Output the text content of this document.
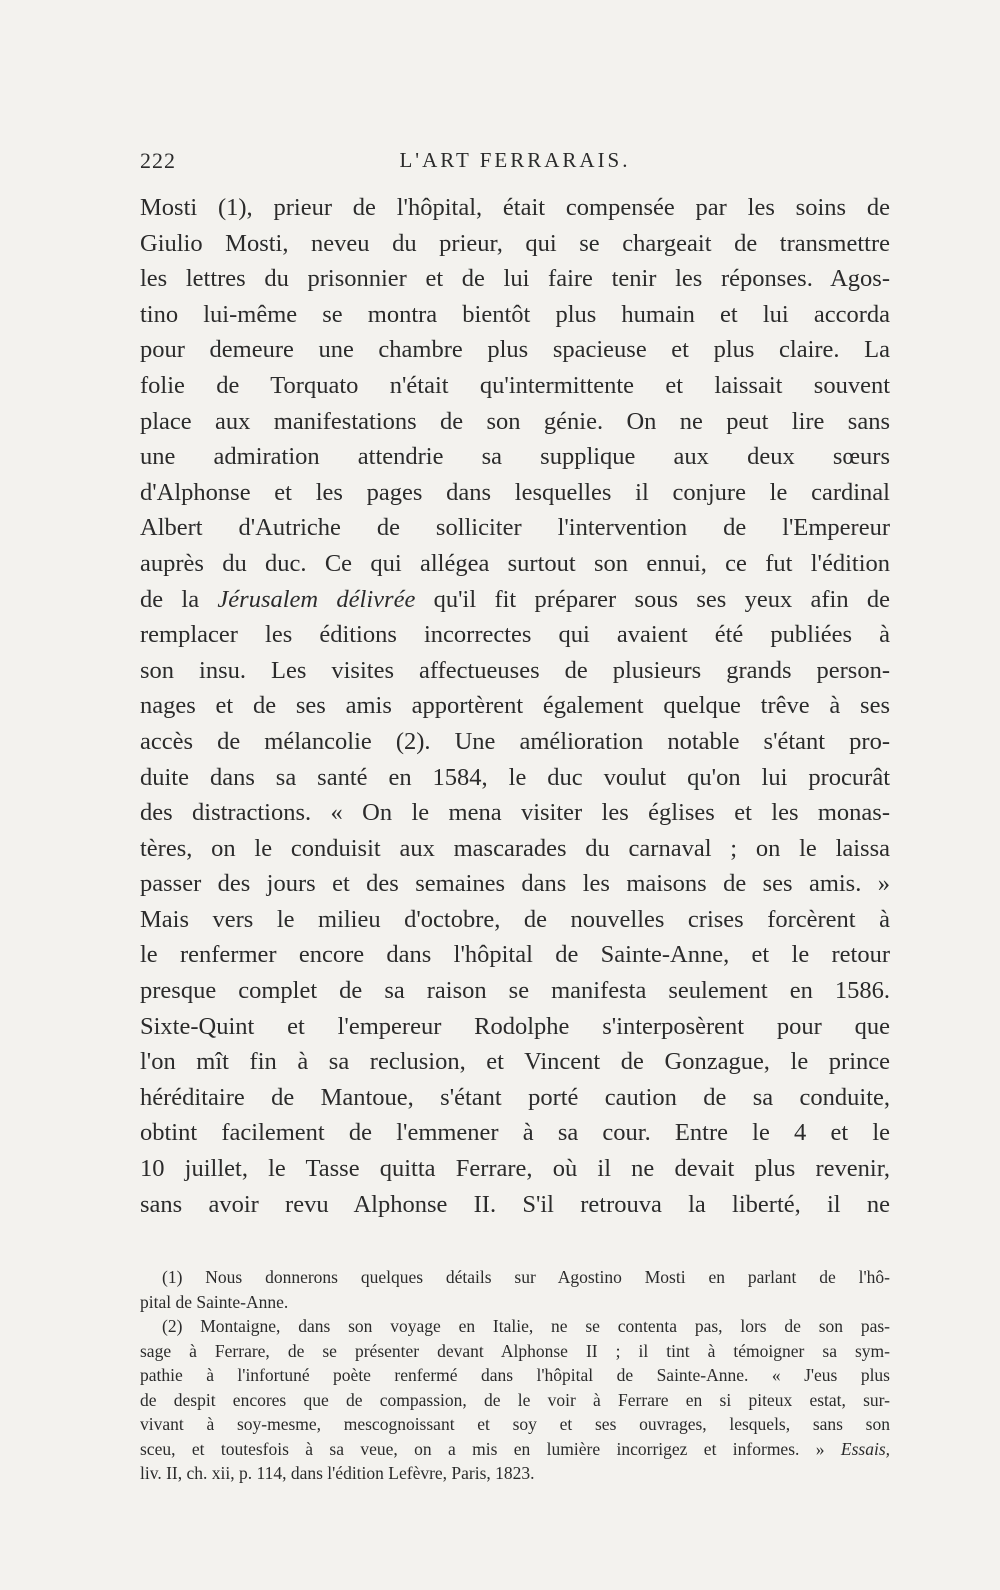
222	L'ART FERRARAIS.
Mosti (1), prieur de l'hôpital, était compensée par les soins de
Giulio Mosti, neveu du prieur, qui se chargeait de transmettre
les lettres du prisonnier et de lui faire tenir les réponses. Agos-
tino lui-même se montra bientôt plus humain et lui accorda
pour demeure une chambre plus spacieuse et plus claire. La
folie de Torquato n'était qu'intermittente et laissait souvent
place aux manifestations de son génie. On ne peut lire sans
une admiration attendrie sa supplique aux deux sœurs
d'Alphonse et les pages dans lesquelles il conjure le cardinal
Albert d'Autriche de solliciter l'intervention de l'Empereur
auprès du duc. Ce qui allégea surtout son ennui, ce fut l'édition
de la Jérusalem délivrée qu'il fit préparer sous ses yeux afin de
remplacer les éditions incorrectes qui avaient été publiées à
son insu. Les visites affectueuses de plusieurs grands person-
nages et de ses amis apportèrent également quelque trêve à ses
accès de mélancolie (2). Une amélioration notable s'étant pro-
duite dans sa santé en 1584, le duc voulut qu'on lui procurât
des distractions. « On le mena visiter les églises et les monas-
tères, on le conduisit aux mascarades du carnaval ; on le laissa
passer des jours et des semaines dans les maisons de ses amis. »
Mais vers le milieu d'octobre, de nouvelles crises forcèrent à
le renfermer encore dans l'hôpital de Sainte-Anne, et le retour
presque complet de sa raison se manifesta seulement en 1586.
Sixte-Quint et l'empereur Rodolphe s'interposèrent pour que
l'on mît fin à sa reclusion, et Vincent de Gonzague, le prince
héréditaire de Mantoue, s'étant porté caution de sa conduite,
obtint facilement de l'emmener à sa cour. Entre le 4 et le
10 juillet, le Tasse quitta Ferrare, où il ne devait plus revenir,
sans avoir revu Alphonse II. S'il retrouva la liberté, il ne
(1) Nous donnerons quelques détails sur Agostino Mosti en parlant de l'hô-
pital de Sainte-Anne.
(2) Montaigne, dans son voyage en Italie, ne se contenta pas, lors de son pas-
sage à Ferrare, de se présenter devant Alphonse II ; il tint à témoigner sa sym-
pathie à l'infortuné poète renfermé dans l'hôpital de Sainte-Anne. « J'eus plus
de despit encores que de compassion, de le voir à Ferrare en si piteux estat, sur-
vivant à soy-mesme, mescognoissant et soy et ses ouvrages, lesquels, sans son
sceu, et toutesfois à sa veue, on a mis en lumière incorrigez et informes. » Essais,
liv. II, ch. xii, p. 114, dans l'édition Lefèvre, Paris, 1823.
